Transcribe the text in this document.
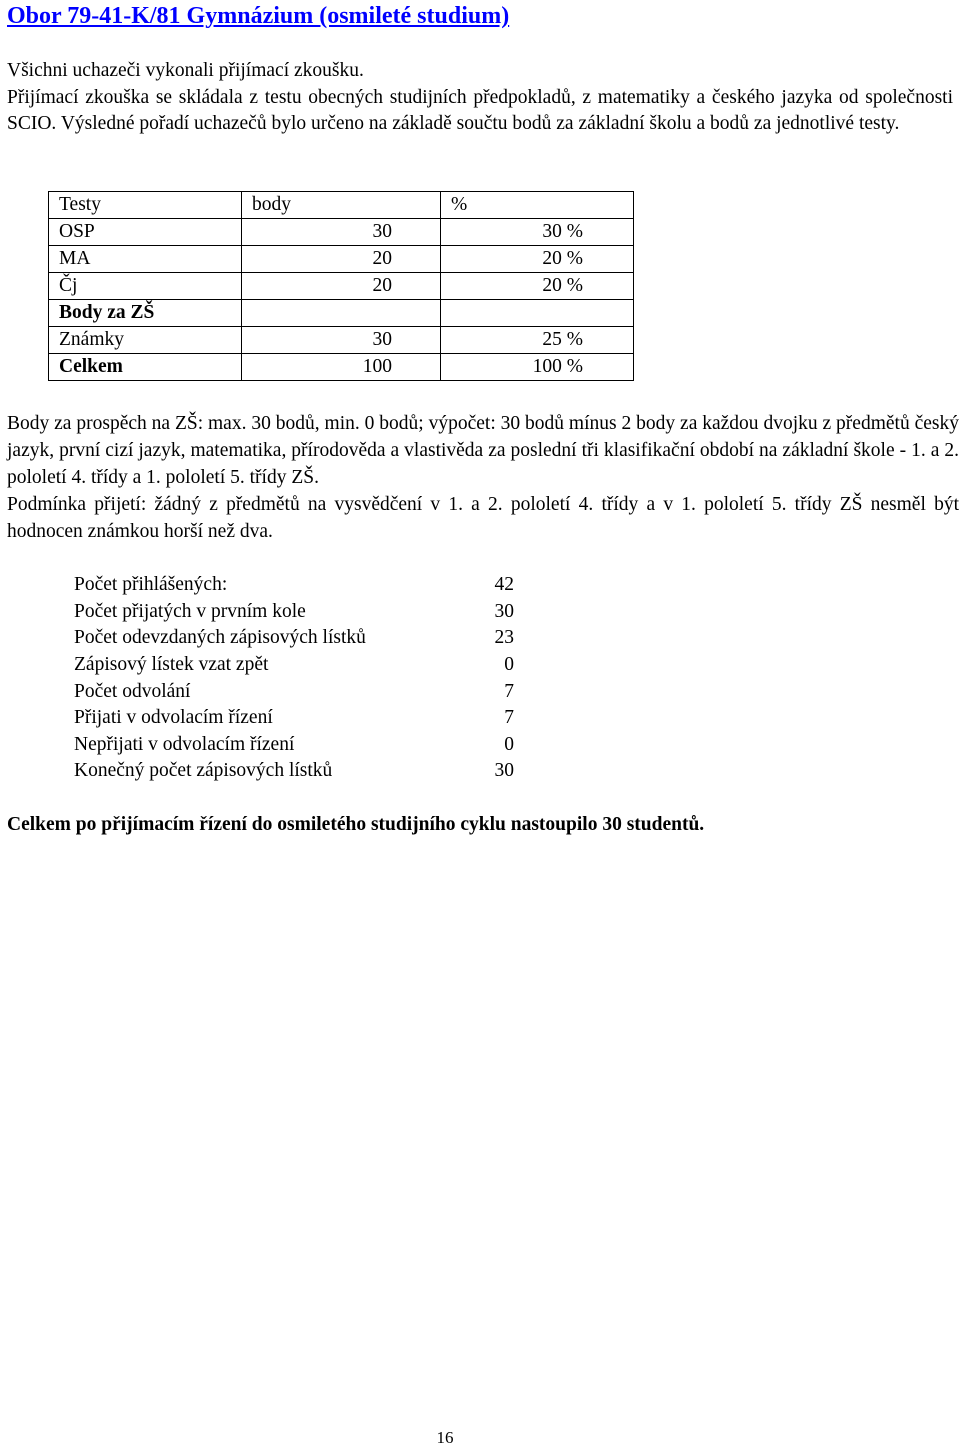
Obor 79-41-K/81 Gymnázium (osmileté studium)

Všichni uchazeči vykonali přijímací zkoušku.

Přijímací zkouška se skládala z testu obecných studijních předpokladů, z matematiky a českého jazyka od společnosti SCIO. Výsledné pořadí uchazečů bylo určeno na základě součtu bodů za základní školu a bodů za jednotlivé testy.

Testy	body	%
OSP	30	30 %
MA	20	20 %
Čj	20	20 %
Body za ZŠ		
Známky	30	25 %
Celkem	100	100 %

Body za prospěch na ZŠ: max. 30 bodů, min. 0 bodů; výpočet: 30 bodů mínus 2 body za každou dvojku z předmětů český jazyk, první cizí jazyk, matematika, přírodověda a vlastivěda za poslední tři klasifikační období na základní škole - 1. a 2. pololetí 4. třídy a 1. pololetí 5. třídy ZŠ.

Podmínka přijetí: žádný z předmětů na vysvědčení v 1. a 2. pololetí 4. třídy a v 1. pololetí 5. třídy ZŠ nesměl být hodnocen známkou horší než dva.

Počet přihlášených:	42
Počet přijatých v prvním kole	30
Počet odevzdaných zápisových lístků	23
Zápisový lístek vzat zpět	0
Počet odvolání	7
Přijati v odvolacím řízení	7
Nepřijati v odvolacím řízení	0
Konečný počet zápisových lístků	30

Celkem po přijímacím řízení do osmiletého studijního cyklu nastoupilo 30 studentů.

16
